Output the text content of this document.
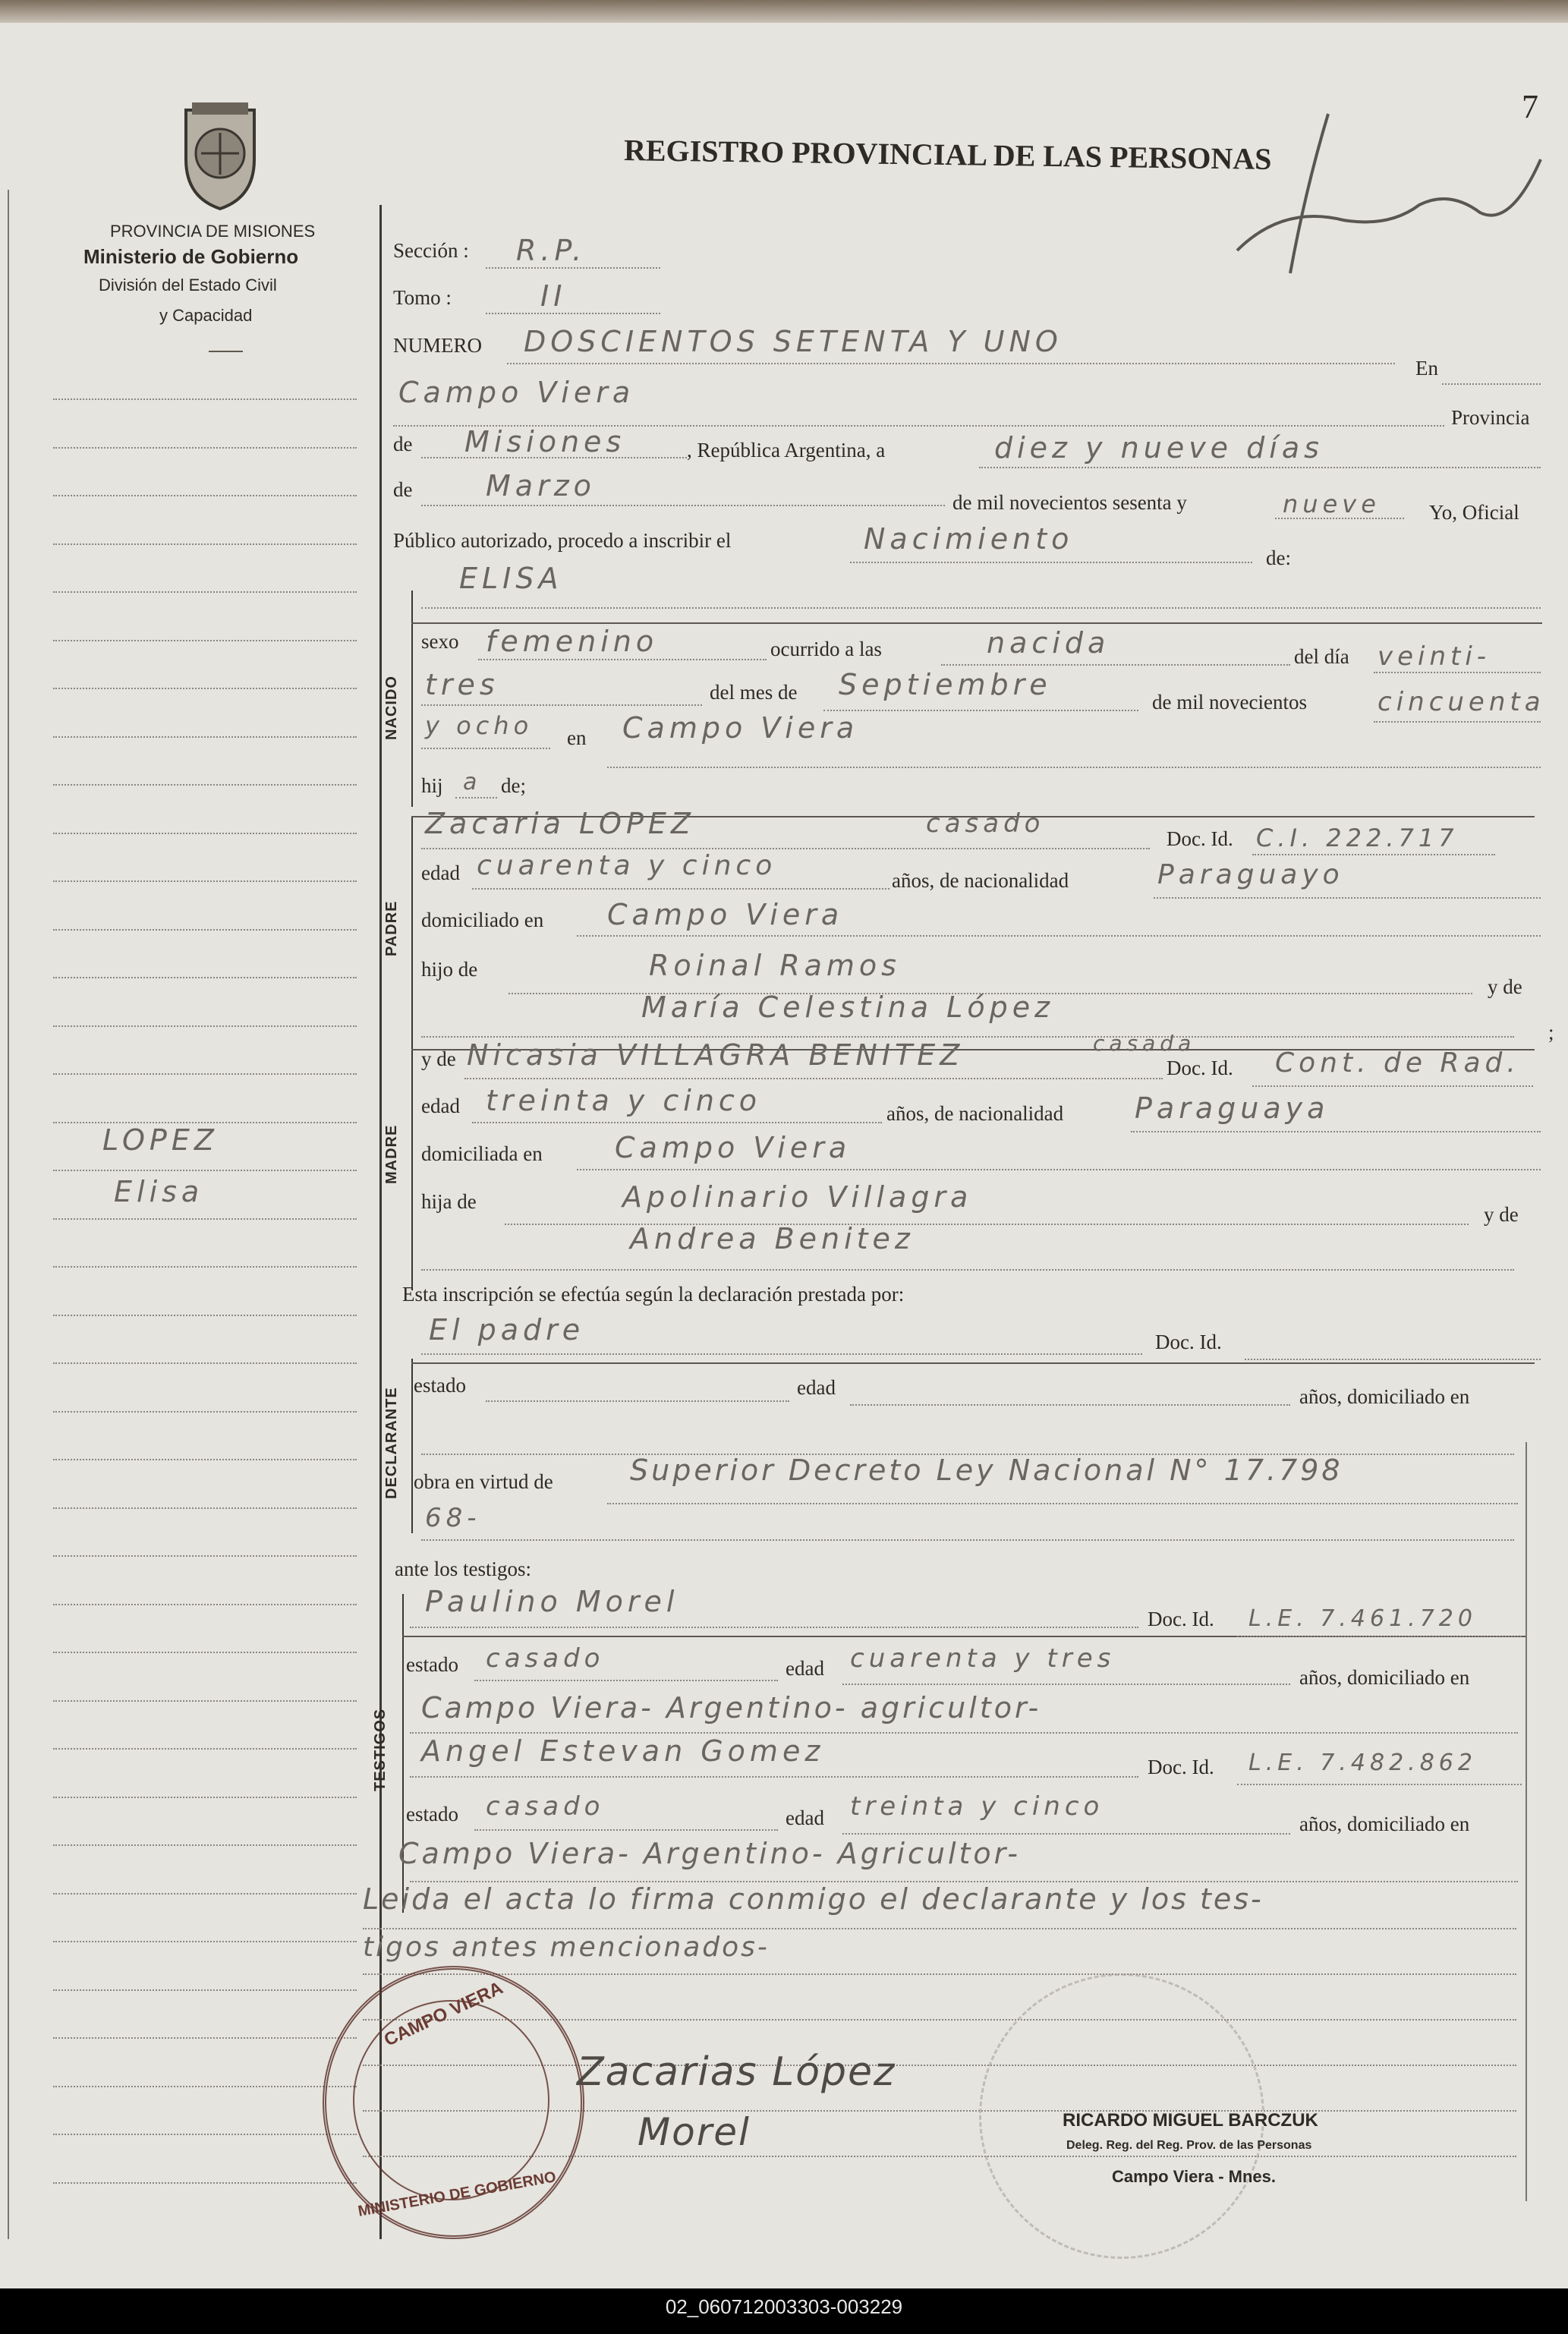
PROVINCIA DE MISIONES
Ministerio de Gobierno
División del Estado Civil
y Capacidad
REGISTRO PROVINCIAL DE LAS PERSONAS
7
LOPEZ
Elisa
Sección : R.P.
Tomo :	II
NUMERO DOSCIENTOS SETENTA Y UNO
En
Campo Viera
Provincia
de Misiones	, República Argentina, a	diez y nueve días
de	Marzo	de mil novecientos sesenta y	nueve Yo, Oficial
Público autorizado, procedo a inscribir el	Nacimiento
de:
ELISA
NACIDO
sexo femenino	ocurrido a las	nacida	del día veinti-
tres	del mes de Septiembre
de mil novecientos	cincuenta
y ocho en Campo Viera
hij a de;
PADRE
Zacaria LOPEZ	casado	Doc. Id. C.I. 222.717
edad cuarenta y cinco	años, de nacionalidad	Paraguayo
domiciliado en Campo Viera
hijo de	Roinal Ramos
y de
María Celestina López
;
MADRE
y de Nicasia VILLAGRA BENITEZ	casada
Doc. Id. Cont. de Rad.
edad treinta y cinco	años, de nacionalidad Paraguaya
domiciliada en	Campo Viera
hija de	Apolinario Villagra
y de
Andrea Benitez
Esta inscripción se efectúa según la declaración prestada por:
DECLARANTE
El padre	Doc. Id.
estado	edad	años, domiciliado en
obra en virtud de	Superior Decreto Ley Nacional N° 17.798
68-
ante los testigos:
TESTIGOS
Paulino Morel
Doc. Id. L.E. 7.461.720
estado casado	edad cuarenta y tres
años, domiciliado en
Campo Viera- Argentino- agricultor-
Angel Estevan Gomez	Doc. Id. L.E. 7.482.862
estado casado	edad treinta y cinco
años, domiciliado en
Campo Viera- Argentino- Agricultor-
Leida el acta lo firma conmigo el declarante y los tes-
tigos antes mencionados-
CAMPO VIERA
MINISTERIO DE GOBIERNO
Zacarias López
Morel	RICARDO MIGUEL BARCZUK
Deleg. Reg. del Reg. Prov. de las Personas
Campo Viera - Mnes.
02_060712003303-003229
